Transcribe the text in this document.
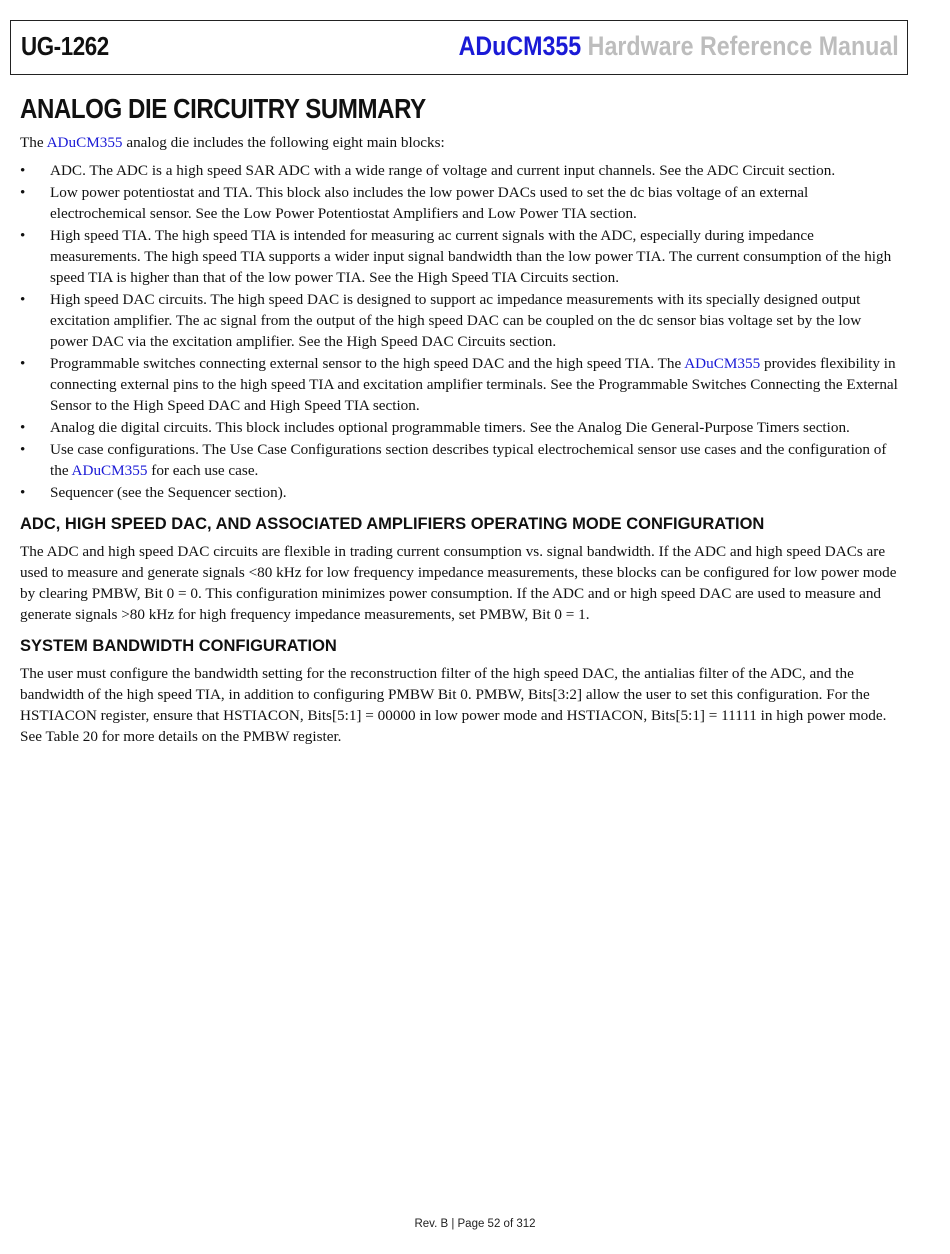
UG-1262	ADuCM355 Hardware Reference Manual
ANALOG DIE CIRCUITRY SUMMARY

The ADuCM355 analog die includes the following eight main blocks:

• ADC. The ADC is a high speed SAR ADC with a wide range of voltage and current input channels. See the ADC Circuit section.
• Low power potentiostat and TIA. This block also includes the low power DACs used to set the dc bias voltage of an external electrochemical sensor. See the Low Power Potentiostat Amplifiers and Low Power TIA section.
• High speed TIA. The high speed TIA is intended for measuring ac current signals with the ADC, especially during impedance measurements. The high speed TIA supports a wider input signal bandwidth than the low power TIA. The current consumption of the high speed TIA is higher than that of the low power TIA. See the High Speed TIA Circuits section.
• High speed DAC circuits. The high speed DAC is designed to support ac impedance measurements with its specially designed output excitation amplifier. The ac signal from the output of the high speed DAC can be coupled on the dc sensor bias voltage set by the low power DAC via the excitation amplifier. See the High Speed DAC Circuits section.
• Programmable switches connecting external sensor to the high speed DAC and the high speed TIA. The ADuCM355 provides flexibility in connecting external pins to the high speed TIA and excitation amplifier terminals. See the Programmable Switches Connecting the External Sensor to the High Speed DAC and High Speed TIA section.
• Analog die digital circuits. This block includes optional programmable timers. See the Analog Die General-Purpose Timers section.
• Use case configurations. The Use Case Configurations section describes typical electrochemical sensor use cases and the configuration of the ADuCM355 for each use case.
• Sequencer (see the Sequencer section).
ADC, HIGH SPEED DAC, AND ASSOCIATED AMPLIFIERS OPERATING MODE CONFIGURATION

The ADC and high speed DAC circuits are flexible in trading current consumption vs. signal bandwidth. If the ADC and high speed DACs are used to measure and generate signals <80 kHz for low frequency impedance measurements, these blocks can be configured for low power mode by clearing PMBW, Bit 0 = 0. This configuration minimizes power consumption. If the ADC and or high speed DAC are used to measure and generate signals >80 kHz for high frequency impedance measurements, set PMBW, Bit 0 = 1.

SYSTEM BANDWIDTH CONFIGURATION

The user must configure the bandwidth setting for the reconstruction filter of the high speed DAC, the antialias filter of the ADC, and the bandwidth of the high speed TIA, in addition to configuring PMBW Bit 0. PMBW, Bits[3:2] allow the user to set this configuration. For the HSTIACON register, ensure that HSTIACON, Bits[5:1] = 00000 in low power mode and HSTIACON, Bits[5:1] = 11111 in high power mode. See Table 20 for more details on the PMBW register.

Rev. B | Page 52 of 312
